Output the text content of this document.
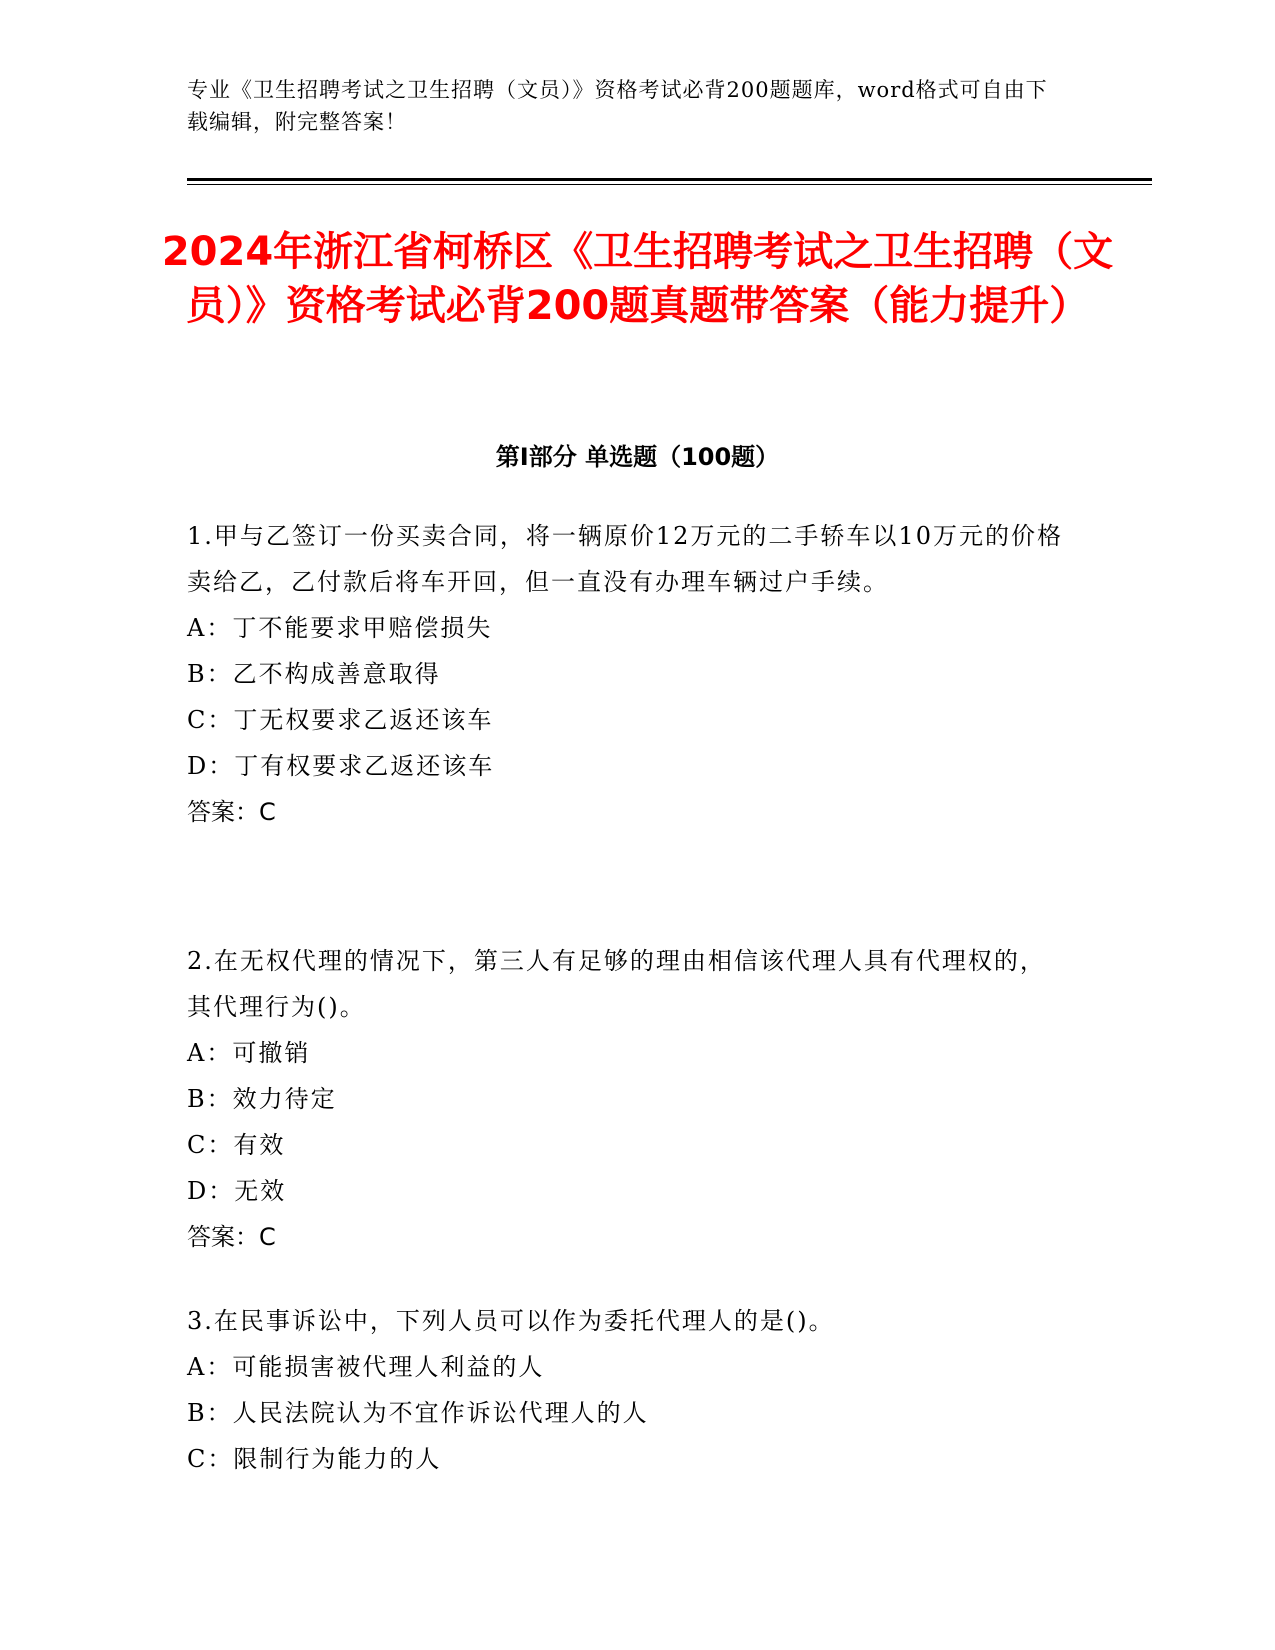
专业《卫生招聘考试之卫生招聘（文员）》资格考试必背200题题库，word格式可自由下载编辑，附完整答案！
2024年浙江省柯桥区《卫生招聘考试之卫生招聘（文员）》资格考试必背200题真题带答案（能力提升）
第Ⅰ部分 单选题（100题）

1.甲与乙签订一份买卖合同，将一辆原价12万元的二手轿车以10万元的价格卖给乙，乙付款后将车开回，但一直没有办理车辆过户手续。

A：丁不能要求甲赔偿损失

B：乙不构成善意取得

C：丁无权要求乙返还该车

D：丁有权要求乙返还该车

答案：C

2.在无权代理的情况下，第三人有足够的理由相信该代理人具有代理权的，其代理行为()。

A：可撤销

B：效力待定

C：有效

D：无效

答案：C

3.在民事诉讼中，下列人员可以作为委托代理人的是()。

A：可能损害被代理人利益的人

B：人民法院认为不宜作诉讼代理人的人

C：限制行为能力的人
